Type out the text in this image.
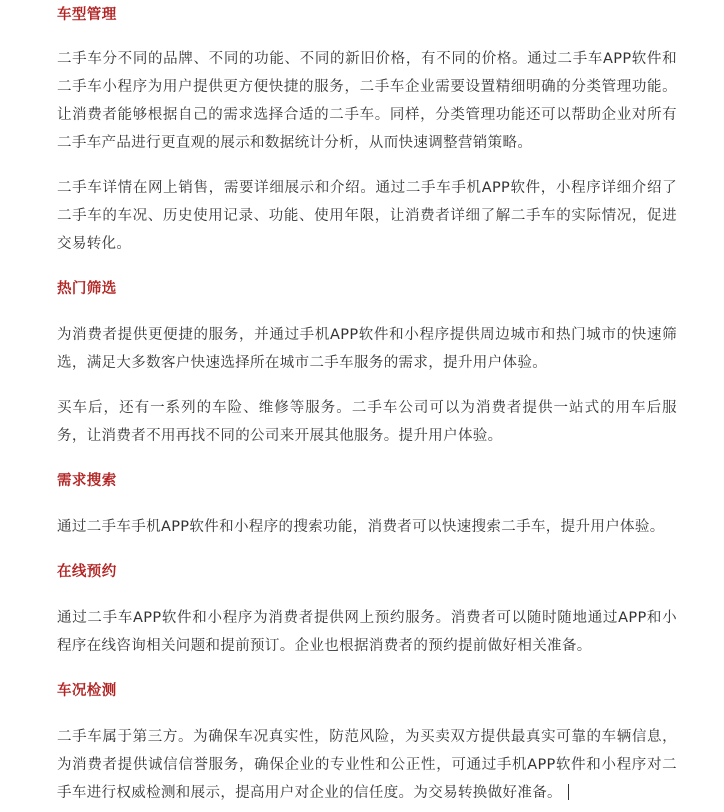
车型管理

二手车分不同的品牌、不同的功能、不同的新旧价格，有不同的价格。通过二手车APP软件和二手车小程序为用户提供更方便快捷的服务，二手车企业需要设置精细明确的分类管理功能。让消费者能够根据自己的需求选择合适的二手车。同样，分类管理功能还可以帮助企业对所有二手车产品进行更直观的展示和数据统计分析，从而快速调整营销策略。

二手车详情在网上销售，需要详细展示和介绍。通过二手车手机APP软件，小程序详细介绍了二手车的车况、历史使用记录、功能、使用年限，让消费者详细了解二手车的实际情况，促进交易转化。

热门筛选

为消费者提供更便捷的服务，并通过手机APP软件和小程序提供周边城市和热门城市的快速筛选，满足大多数客户快速选择所在城市二手车服务的需求，提升用户体验。

买车后，还有一系列的车险、维修等服务。二手车公司可以为消费者提供一站式的用车后服务，让消费者不用再找不同的公司来开展其他服务。提升用户体验。

需求搜索

通过二手车手机APP软件和小程序的搜索功能，消费者可以快速搜索二手车，提升用户体验。

在线预约

通过二手车APP软件和小程序为消费者提供网上预约服务。消费者可以随时随地通过APP和小程序在线咨询相关问题和提前预订。企业也根据消费者的预约提前做好相关准备。

车况检测

二手车属于第三方。为确保车况真实性，防范风险，为买卖双方提供最真实可靠的车辆信息，为消费者提供诚信信誉服务，确保企业的专业性和公正性，可通过手机APP软件和小程序对二手车进行权威检测和展示，提高用户对企业的信任度。为交易转换做好准备。
